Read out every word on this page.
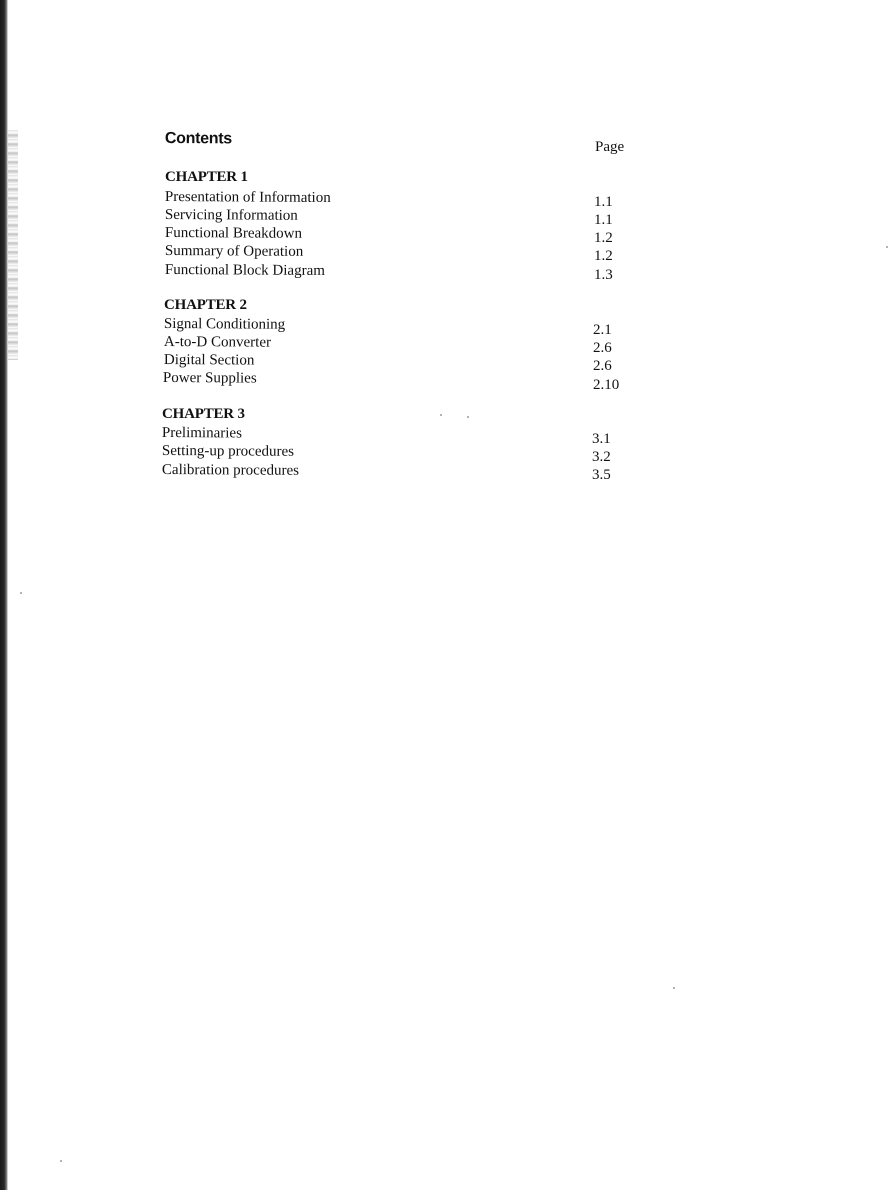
Contents	Page
CHAPTER 1
Presentation of Information	1.1
Servicing Information	1.1
Functional Breakdown	1.2
Summary of Operation	1.2
Functional Block Diagram	1.3
CHAPTER 2
Signal Conditioning	2.1
A-to-D Converter	2.6
Digital Section	2.6
Power Supplies	2.10
CHAPTER 3
Preliminaries	3.1
Setting-up procedures	3.2
Calibration procedures	3.5
